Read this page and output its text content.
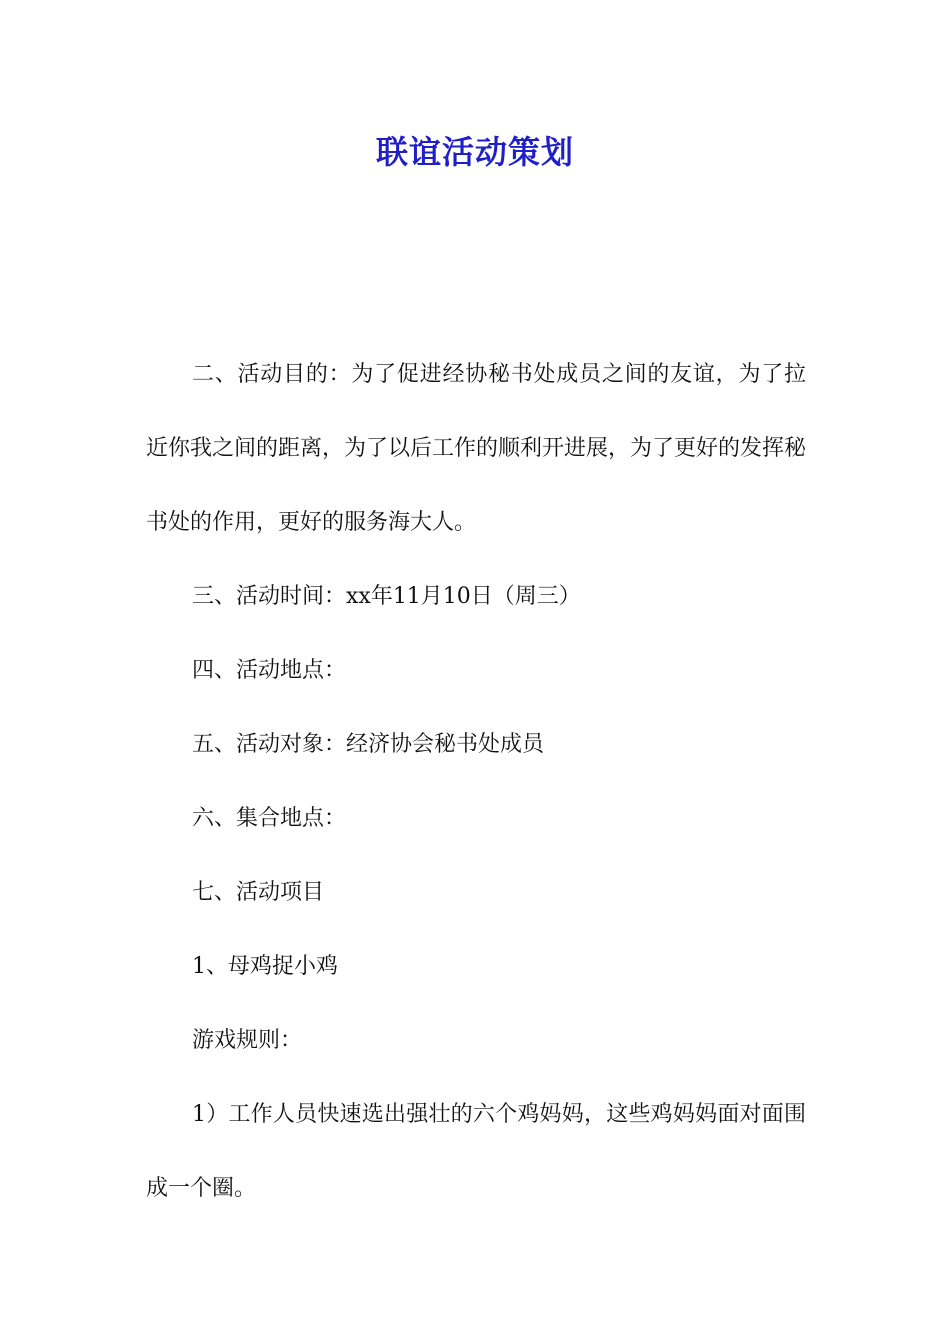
联谊活动策划

二、活动目的：为了促进经协秘书处成员之间的友谊，为了拉近你我之间的距离，为了以后工作的顺利开进展，为了更好的发挥秘书处的作用，更好的服务海大人。

三、活动时间：xx年11月10日（周三）

四、活动地点：

五、活动对象：经济协会秘书处成员

六、集合地点：

七、活动项目

1、母鸡捉小鸡

游戏规则：

1）工作人员快速选出强壮的六个鸡妈妈，这些鸡妈妈面对面围成一个圈。
